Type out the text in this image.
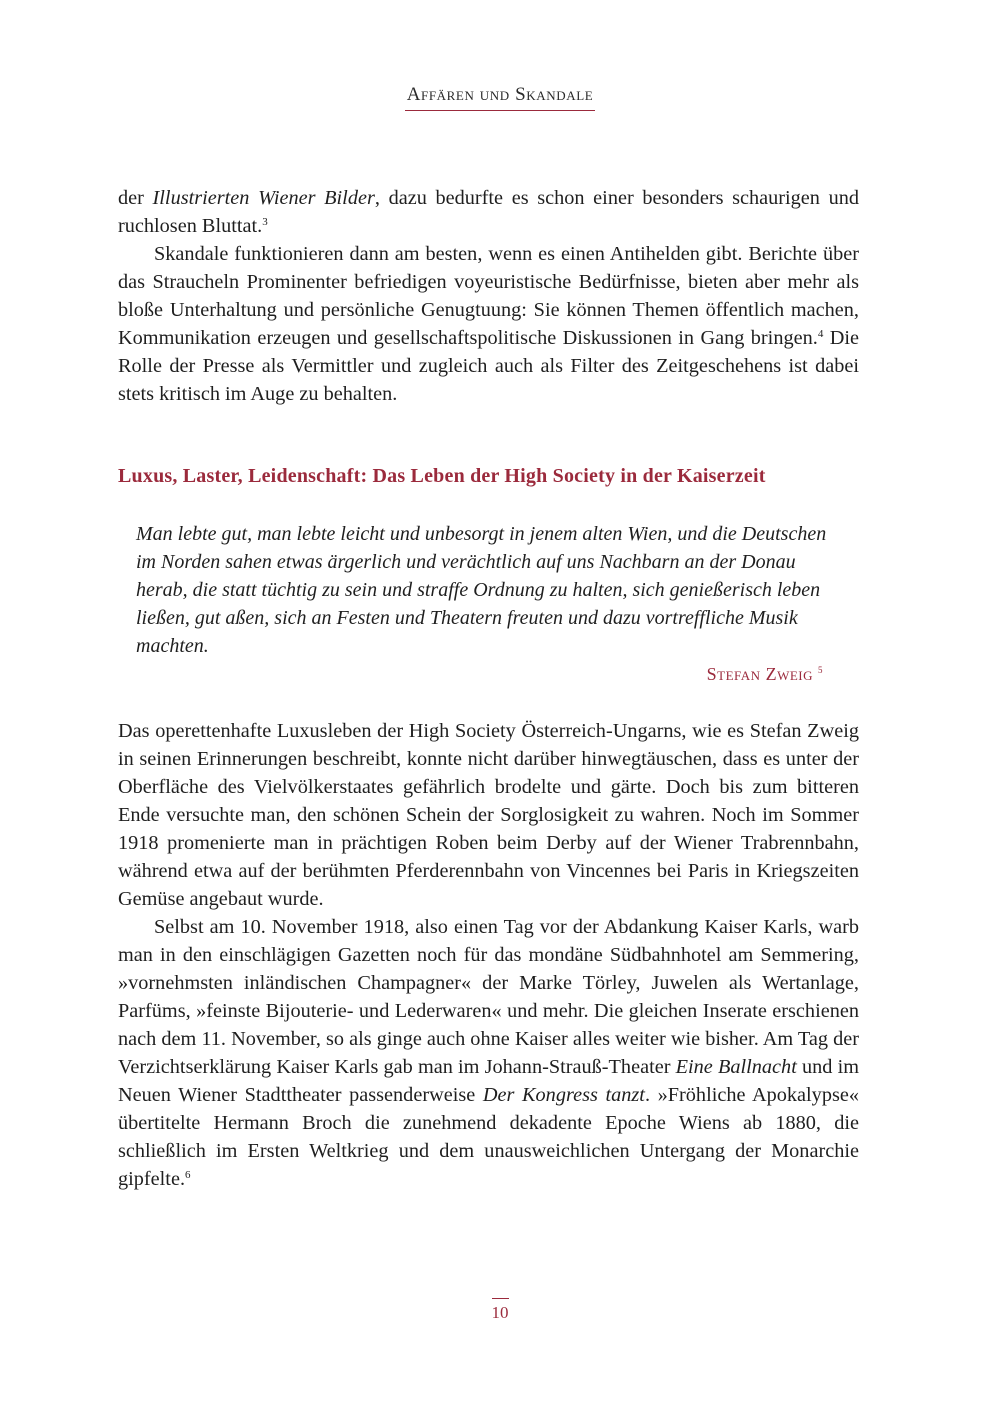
Affären und Skandale

der Illustrierten Wiener Bilder, dazu bedurfte es schon einer besonders schaurigen und ruchlosen Bluttat.$^3$

Skandale funktionieren dann am besten, wenn es einen Antihelden gibt. Berichte über das Straucheln Prominenter befriedigen voyeuristische Bedürfnisse, bieten aber mehr als bloße Unterhaltung und persönliche Genugtuung: Sie können Themen öffentlich machen, Kommunikation erzeugen und gesellschaftspolitische Diskussionen in Gang bringen.$^4$ Die Rolle der Presse als Vermittler und zugleich auch als Filter des Zeitgeschehens ist dabei stets kritisch im Auge zu behalten.

Luxus, Laster, Leidenschaft: Das Leben der High Society in der Kaiserzeit

Man lebte gut, man lebte leicht und unbesorgt in jenem alten Wien, und die Deutschen im Norden sahen etwas ärgerlich und verächtlich auf uns Nachbarn an der Donau herab, die statt tüchtig zu sein und straffe Ordnung zu halten, sich genießerisch leben ließen, gut aßen, sich an Festen und Theatern freuten und dazu vortreffliche Musik machten.

Stefan Zweig $^5$

Das operettenhafte Luxusleben der High Society Österreich-Ungarns, wie es Stefan Zweig in seinen Erinnerungen beschreibt, konnte nicht darüber hinwegtäuschen, dass es unter der Oberfläche des Vielvölkerstaates gefährlich brodelte und gärte. Doch bis zum bitteren Ende versuchte man, den schönen Schein der Sorglosigkeit zu wahren. Noch im Sommer 1918 promenierte man in prächtigen Roben beim Derby auf der Wiener Trabrennbahn, während etwa auf der berühmten Pferderennbahn von Vincennes bei Paris in Kriegszeiten Gemüse angebaut wurde.

Selbst am 10. November 1918, also einen Tag vor der Abdankung Kaiser Karls, warb man in den einschlägigen Gazetten noch für das mondäne Südbahnhotel am Semmering, »vornehmsten inländischen Champagner« der Marke Törley, Juwelen als Wertanlage, Parfüms, »feinste Bijouterie- und Lederwaren« und mehr. Die gleichen Inserate erschienen nach dem 11. November, so als ginge auch ohne Kaiser alles weiter wie bisher. Am Tag der Verzichtserklärung Kaiser Karls gab man im Johann-Strauß-Theater Eine Ballnacht und im Neuen Wiener Stadttheater passenderweise Der Kongress tanzt. »Fröhliche Apokalypse« übertitelte Hermann Broch die zunehmend dekadente Epoche Wiens ab 1880, die schließlich im Ersten Weltkrieg und dem unausweichlichen Untergang der Monarchie gipfelte.$^6$

10
